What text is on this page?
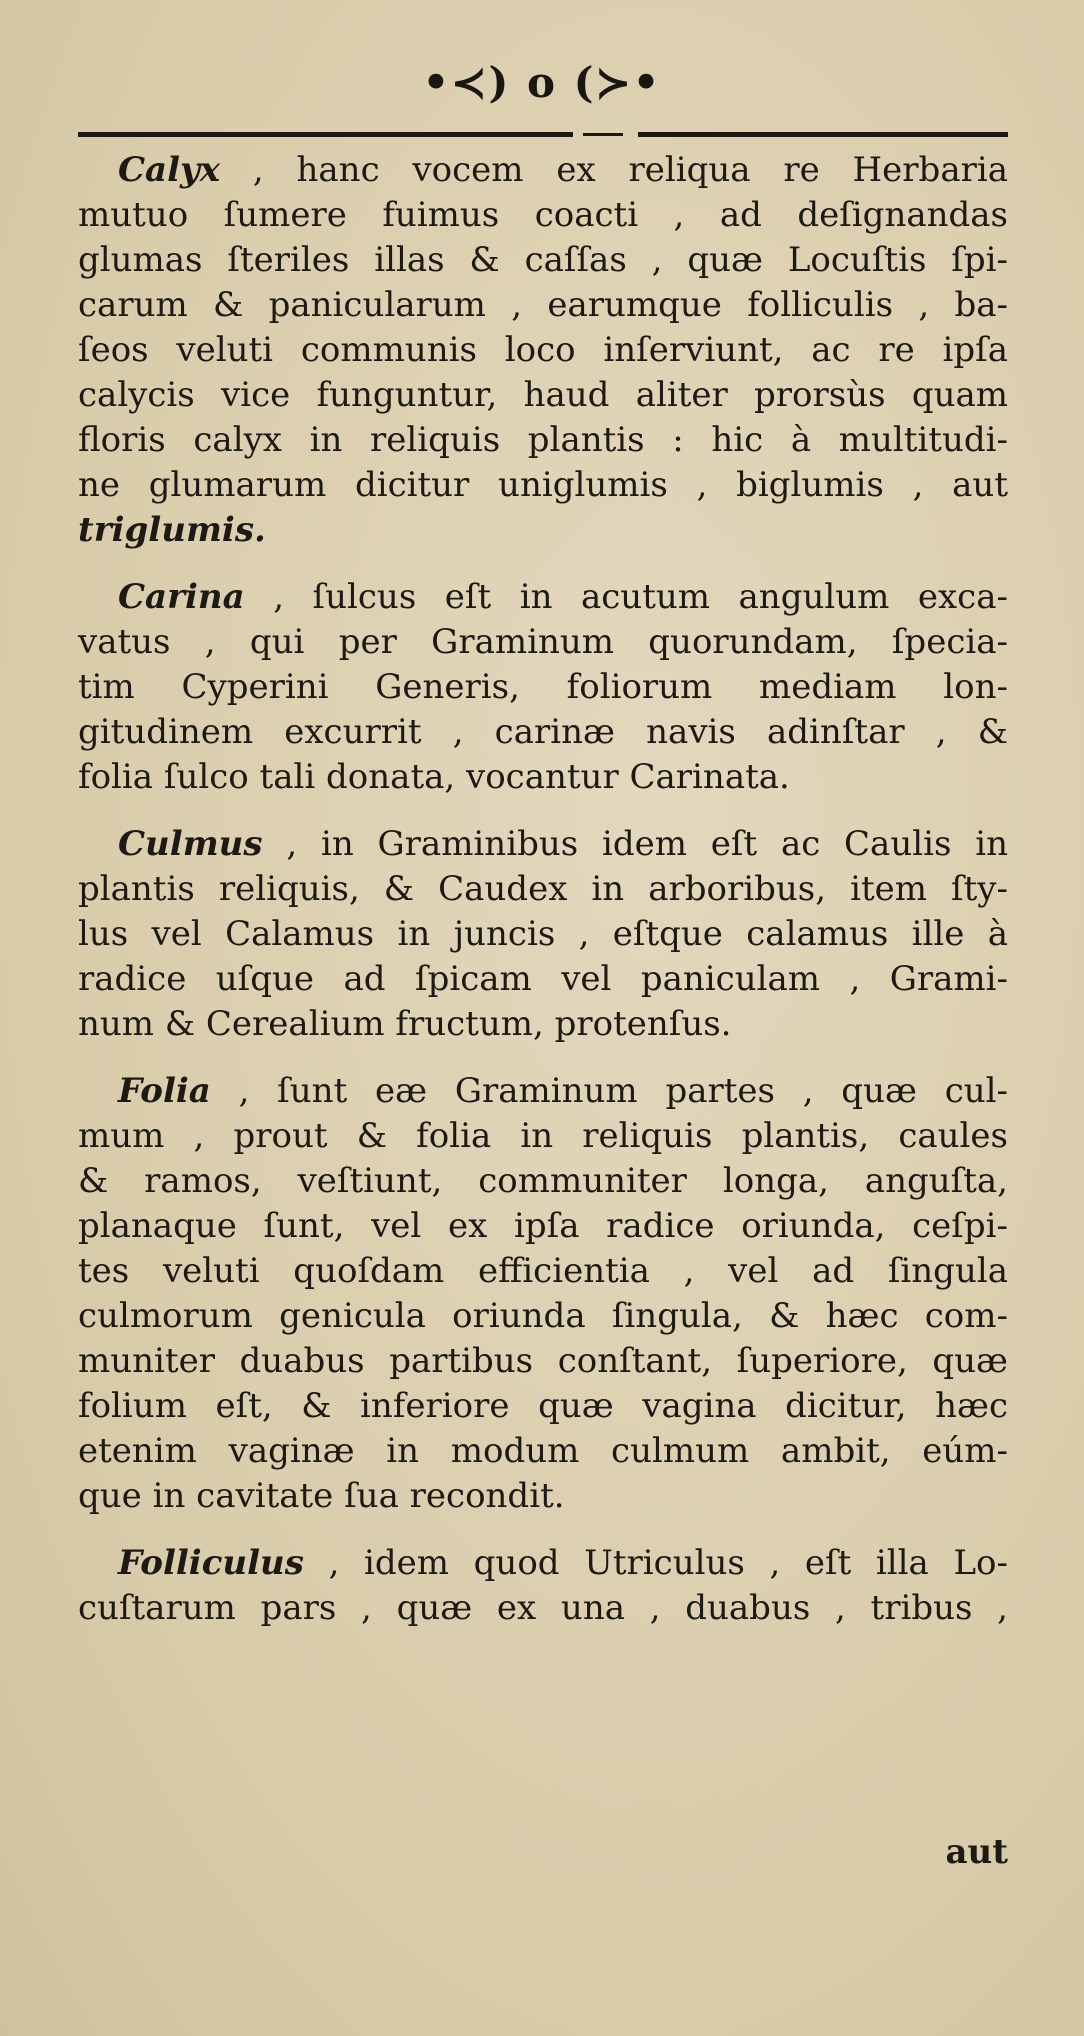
•≺) o (≻•
Calyx , hanc vocem ex reliqua re Herbaria
mutuo ſumere fuimus coacti , ad deſignandas
glumas ſteriles illas & caſſas , quæ Locuſtis ſpi-
carum & panicularum , earumque folliculis , ba-
ſeos veluti communis loco inſerviunt, ac re ipſa
calycis vice funguntur, haud aliter prorsùs quam
floris calyx in reliquis plantis : hic à multitudi-
ne glumarum dicitur uniglumis , biglumis , aut
triglumis.
Carina , ſulcus eſt in acutum angulum exca-
vatus , qui per Graminum quorundam, ſpecia-
tim Cyperini Generis, foliorum mediam lon-
gitudinem excurrit , carinæ navis adinſtar , &
folia ſulco tali donata, vocantur Carinata.
Culmus , in Graminibus idem eſt ac Caulis in
plantis reliquis, & Caudex in arboribus, item ſty-
lus vel Calamus in juncis , eſtque calamus ille à
radice uſque ad ſpicam vel paniculam , Grami-
num & Cerealium fructum, protenſus.
Folia , ſunt eæ Graminum partes , quæ cul-
mum , prout & folia in reliquis plantis, caules
& ramos, veſtiunt, communiter longa, anguſta,
planaque ſunt, vel ex ipſa radice oriunda, ceſpi-
tes veluti quoſdam efficientia , vel ad ſingula
culmorum genicula oriunda ſingula, & hæc com-
muniter duabus partibus conſtant, ſuperiore, quæ
folium eſt, & inferiore quæ vagina dicitur, hæc
etenim vaginæ in modum culmum ambit, eúm-
que in cavitate ſua recondit.
Folliculus , idem quod Utriculus , eſt illa Lo-
cuſtarum pars , quæ ex una , duabus , tribus ,
aut
